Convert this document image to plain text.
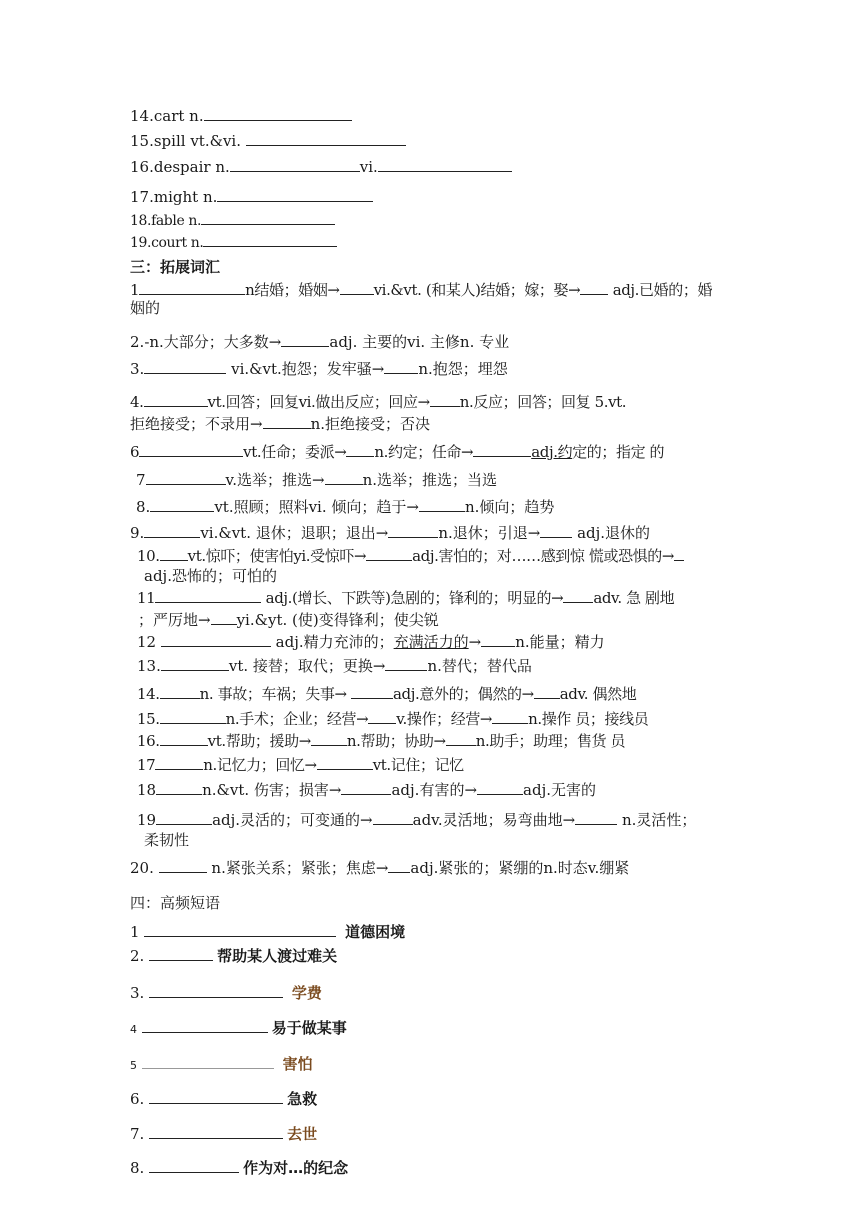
14.cart n.
15.spill vt.&vi.
16.despair n.	vi.
17.might n.
18.fable n.
19.court n.
三：拓展词汇
1	n结婚；婚姻→ vi.&vt. (和某人)结婚；嫁；娶→ adj.已婚的；婚
姻的
2.-n.大部分；大多数→	adj. 主要的vi. 主修n. 专业
3.	vi.&vt.抱怨；发牢骚→ n.抱怨；埋怨
4.	vt.回答；回复vi.做出反应；回应→ n.反应；回答；回复 5.vt.
拒绝接受；不录用→	n.拒绝接受；否决
6	vt.任命；委派→ n.约定；任命→	adj.约定的；指定 的
7	v.选举；推选→	n.选举；推选；当选
8.	vt.照顾；照料vi. 倾向；趋于→	n.倾向；趋势
9.	vi.&vt. 退休；退职；退出→	n.退休；引退→ adj.退休的
10. vt.惊吓；使害怕yi.受惊吓→	adj.害怕的；对……感到惊 慌或恐惧的→
adj.恐怖的；可怕的
11	adj.(增长、下跌等)急剧的；锋利的；明显的→ adv. 急 剧地
；严厉地→ yi.&yt. (使)变得锋利；使尖锐
12	adj.精力充沛的；充满活力的→ n.能量；精力
13.	vt. 接替；取代；更换→	n.替代；替代品
14.	n. 事故；车祸；失事→	adj.意外的；偶然的→ adv. 偶然地
15.	n.手术；企业；经营→ v.操作；经营→ n.操作 员；接线员
16.	vt.帮助；援助→ n.帮助；协助→ n.助手；助理；售货 员
17	n.记忆力；回忆→	vt.记住；记忆
18	n.&vt. 伤害；损害→	adj.有害的→	adj.无害的
19	adj.灵活的；可变通的→	adv.灵活地；易弯曲地→	n.灵活性；
柔韧性
20.	n.紧张关系；紧张；焦虑→ adj.紧张的；紧绷的n.时态v.绷紧
四：高频短语
1	道德困境
2.	帮助某人渡过难关
3.	学费
4	易于做某事
5	害怕
6.	急救
7.	去世
8.	作为对…的纪念
